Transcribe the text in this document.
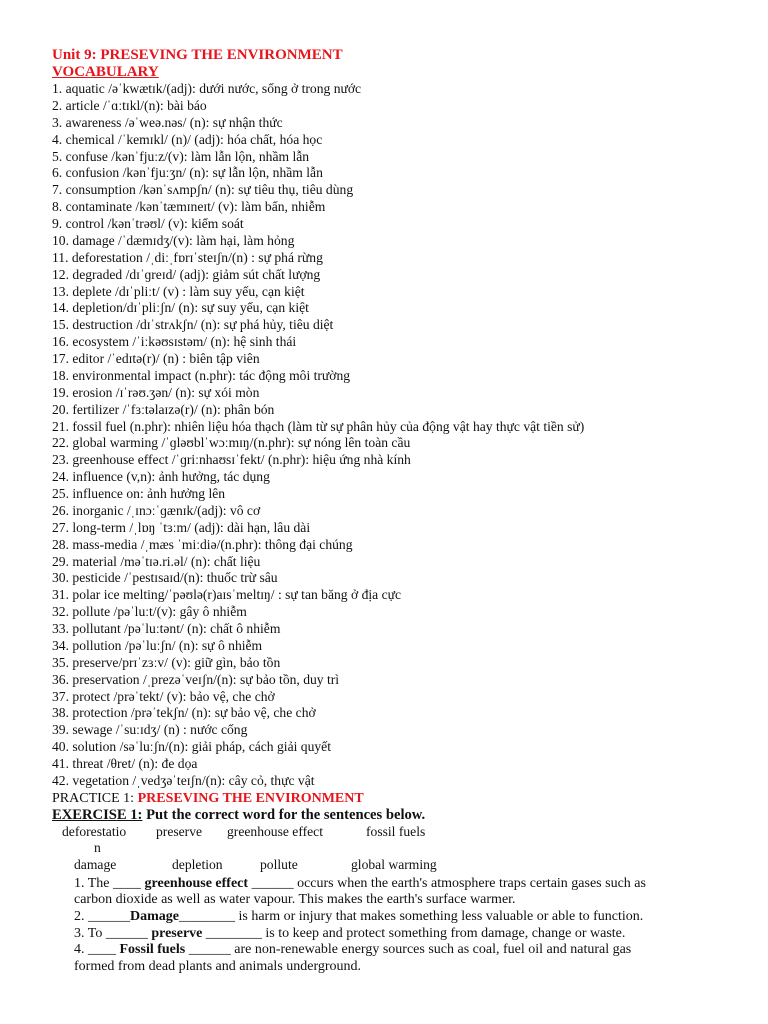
Unit 9: PRESEVING THE ENVIRONMENT
VOCABULARY
1. aquatic /əˈkwætɪk/(adj): dưới nước, sống ở trong nước
2. article /ˈɑːtɪkl/(n): bài báo
3. awareness /əˈweə.nəs/ (n): sự nhận thức
4. chemical /ˈkemɪkl/ (n)/ (adj): hóa chất, hóa học
5. confuse /kənˈfjuːz/(v): làm lẫn lộn, nhầm lẫn
6. confusion /kənˈfjuːʒn/ (n): sự lẫn lộn, nhầm lẫn
7. consumption /kənˈsʌmpʃn/ (n): sự tiêu thụ, tiêu dùng
8. contaminate /kənˈtæmɪneɪt/ (v): làm bẩn, nhiễm
9. control /kənˈtrəʊl/ (v): kiểm soát
10. damage /ˈdæmɪdʒ/(v): làm hại, làm hỏng
11. deforestation /ˌdiːˌfɒrɪˈsteɪʃn/(n) : sự phá rừng
12. degraded /dɪˈɡreɪd/ (adj): giảm sút chất lượng
13. deplete /dɪˈpliːt/ (v) : làm suy yếu, cạn kiệt
14. depletion/dɪˈpliːʃn/ (n): sự suy yếu, cạn kiệt
15. destruction /dɪˈstrʌkʃn/ (n): sự phá hủy, tiêu diệt
16. ecosystem /ˈiːkəʊsɪstəm/ (n): hệ sinh thái
17. editor /ˈedɪtə(r)/ (n) : biên tập viên
18. environmental impact (n.phr): tác động môi trường
19. erosion /ɪˈrəʊ.ʒən/ (n): sự xói mòn
20. fertilizer /ˈfɜːtəlaɪzə(r)/ (n): phân bón
21. fossil fuel (n.phr): nhiên liệu hóa thạch (làm từ sự phân hủy của động vật hay thực vật tiền sử)
22. global warming /ˈɡləʊblˈwɔːmɪŋ/(n.phr): sự nóng lên toàn cầu
23. greenhouse effect /ˈɡriːnhaʊsɪˈfekt/ (n.phr): hiệu ứng nhà kính
24. influence (v,n): ảnh hưởng, tác dụng
25. influence on: ảnh hưởng lên
26. inorganic /ˌɪnɔːˈɡænɪk/(adj): vô cơ
27. long-term /ˌlɒŋ ˈtɜːm/ (adj): dài hạn, lâu dài
28. mass-media /ˌmæs ˈmiːdiə/(n.phr): thông đại chúng
29. material /məˈtɪə.ri.əl/ (n): chất liệu
30. pesticide /ˈpestɪsaɪd/(n): thuốc trừ sâu
31. polar ice melting/ˈpəʊlə(r)aɪsˈmeltɪŋ/ : sự tan băng ở địa cực
32. pollute /pəˈluːt/(v): gây ô nhiễm
33. pollutant /pəˈluːtənt/ (n): chất ô nhiễm
34. pollution /pəˈluːʃn/ (n): sự ô nhiễm
35. preserve/prɪˈzɜːv/ (v): giữ gìn, bảo tồn
36. preservation /ˌprezəˈveɪʃn/(n): sự bảo tồn, duy trì
37. protect /prəˈtekt/ (v): bảo vệ, che chở
38. protection /prəˈtekʃn/ (n): sự bảo vệ, che chở
39. sewage /ˈsuːɪdʒ/ (n) : nước cống
40. solution /səˈluːʃn/(n): giải pháp, cách giải quyết
41. threat /θret/ (n): đe dọa
42. vegetation /ˌvedʒəˈteɪʃn/(n): cây cỏ, thực vật
PRACTICE 1: PRESEVING THE ENVIRONMENT
EXERCISE 1: Put the correct word for the sentences below.
deforestatio preserve greenhouse effect	fossil fuels
n
damage	depletion	pollute	global warming
1. The ____ greenhouse effect ______ occurs when the earth's atmosphere traps certain gases such as
carbon dioxide as well as water vapour. This makes the earth's surface warmer.
2. ______Damage________ is harm or injury that makes something less valuable or able to function.
3. To ______ preserve ________ is to keep and protect something from damage, change or waste.
4. ____ Fossil fuels ______ are non-renewable energy sources such as coal, fuel oil and natural gas
formed from dead plants and animals underground.
